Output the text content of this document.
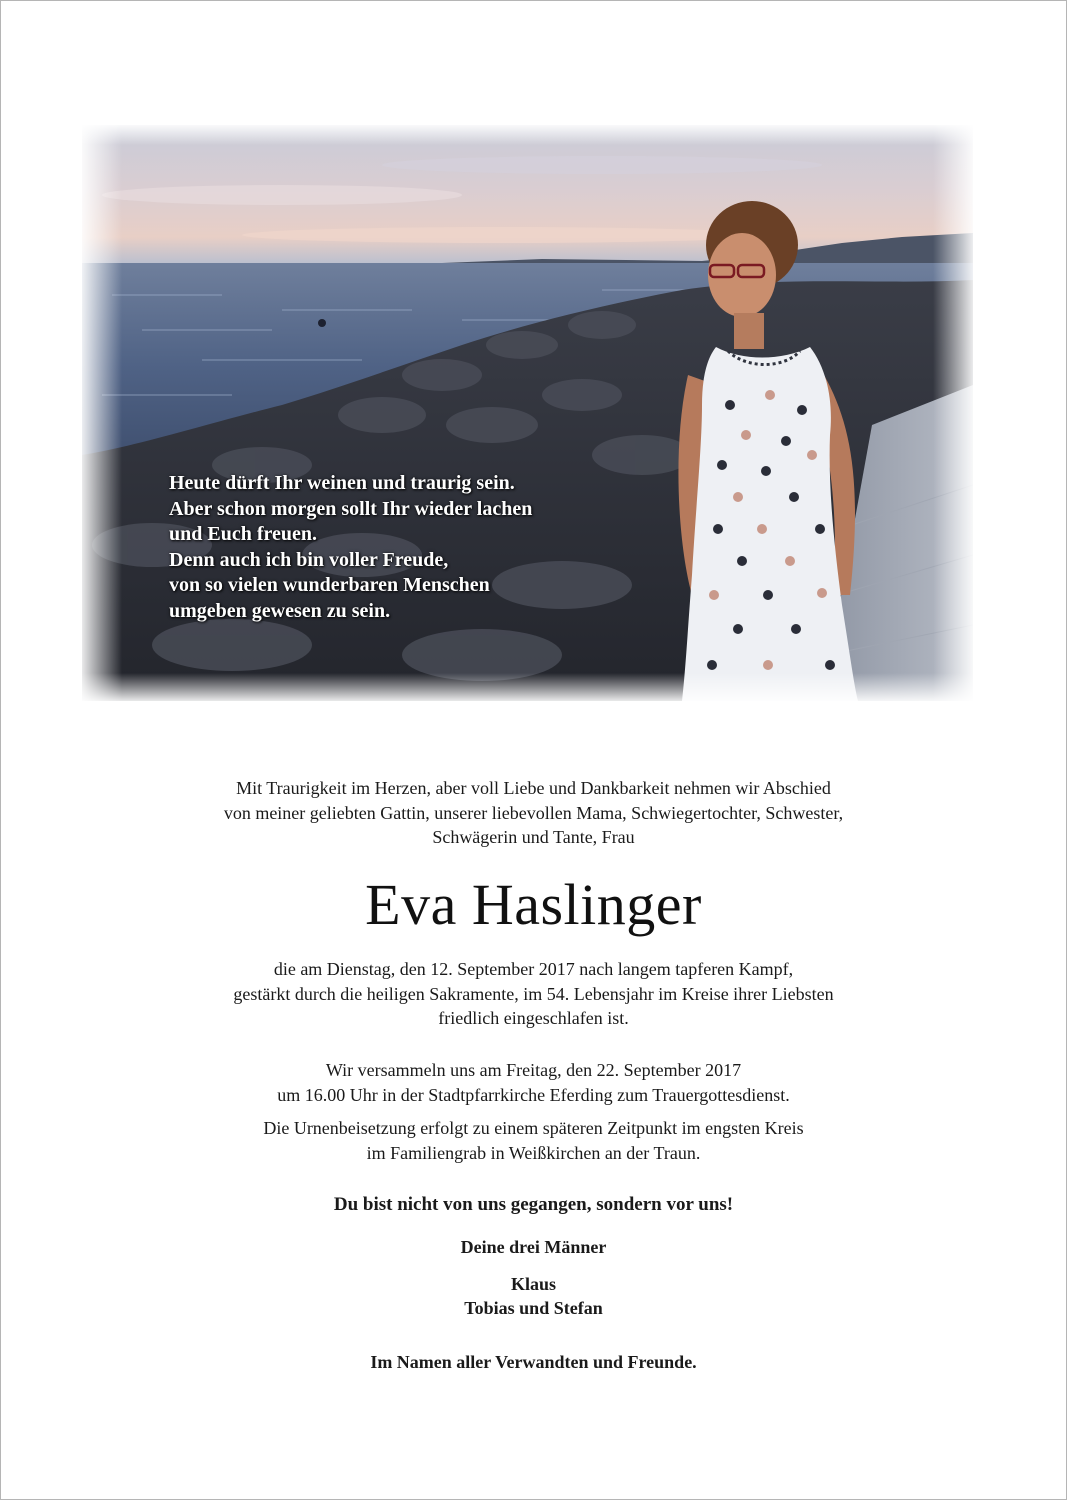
Heute dürft Ihr weinen und traurig sein.
Aber schon morgen sollt Ihr wieder lachen
und Euch freuen.
Denn auch ich bin voller Freude,
von so vielen wunderbaren Menschen
umgeben gewesen zu sein.
Mit Traurigkeit im Herzen, aber voll Liebe und Dankbarkeit nehmen wir Abschied
von meiner geliebten Gattin, unserer liebevollen Mama, Schwiegertochter, Schwester,
Schwägerin und Tante, Frau
Eva Haslinger
die am Dienstag, den 12. September 2017 nach langem tapferen Kampf,
gestärkt durch die heiligen Sakramente, im 54. Lebensjahr im Kreise ihrer Liebsten
friedlich eingeschlafen ist.
Wir versammeln uns am Freitag, den 22. September 2017
um 16.00 Uhr in der Stadtpfarrkirche Eferding zum Trauergottesdienst.
Die Urnenbeisetzung erfolgt zu einem späteren Zeitpunkt im engsten Kreis
im Familiengrab in Weißkirchen an der Traun.
Du bist nicht von uns gegangen, sondern vor uns!
Deine drei Männer
Klaus
Tobias und Stefan
Im Namen aller Verwandten und Freunde.
